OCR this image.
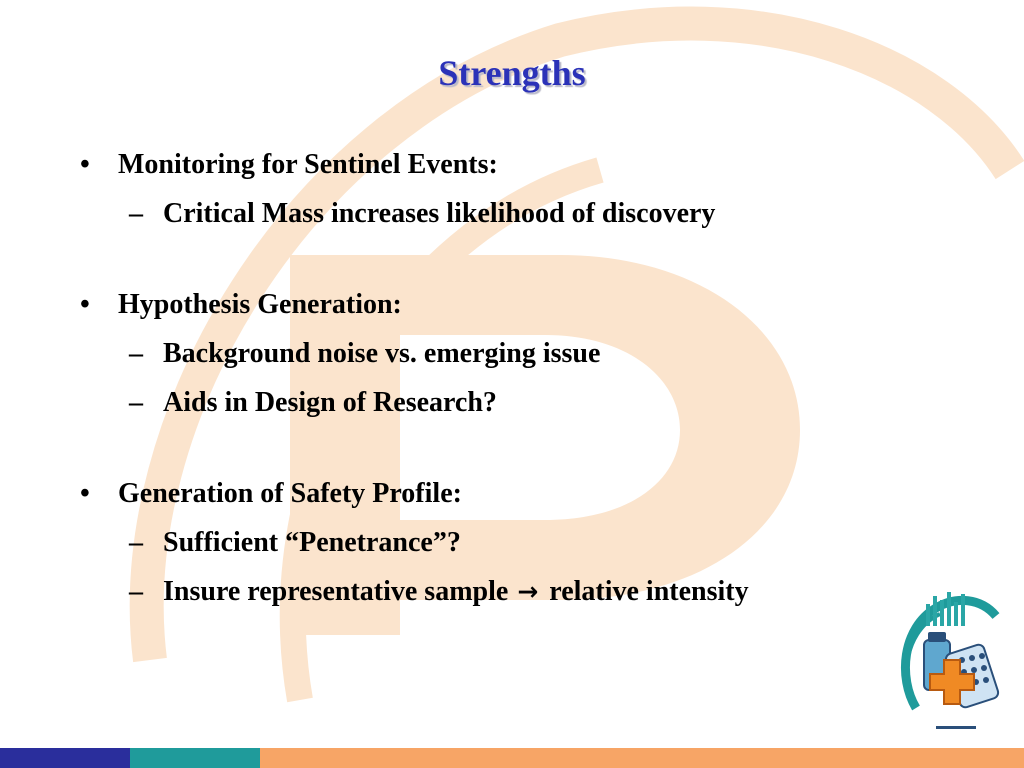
Strengths
•	Monitoring for Sentinel Events:
– Critical Mass increases likelihood of discovery
•	Hypothesis Generation:
– Background noise vs. emerging issue
– Aids in Design of Research?
•	Generation of Safety Profile:
– Sufficient “Penetrance”?
– Insure representative sample → relative intensity
